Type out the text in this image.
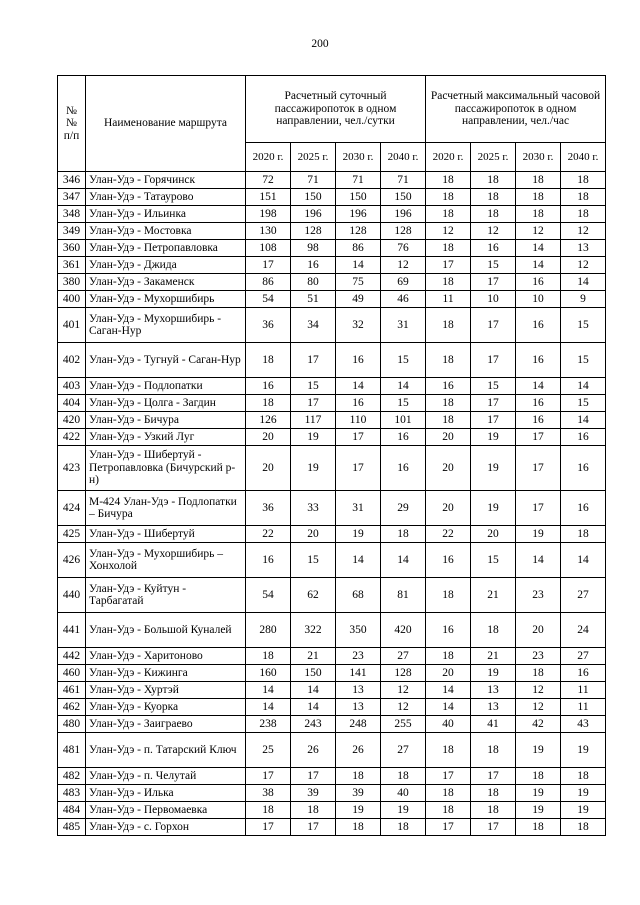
200
№
№
п/п	Наименование маршрута	Расчетный суточный пассажиропоток в одном направлении, чел./сутки				Расчетный максимальный часовой пассажиропоток в одном направлении, чел./час			
		2020 г.	2025 г.	2030 г.	2040 г.	2020 г.	2025 г.	2030 г.	2040 г.
346	Улан-Удэ - Горячинск	72	71	71	71	18	18	18	18
347	Улан-Удэ - Татаурово	151	150	150	150	18	18	18	18
348	Улан-Удэ - Ильинка	198	196	196	196	18	18	18	18
349	Улан-Удэ - Мостовка	130	128	128	128	12	12	12	12
360	Улан-Удэ - Петропавловка	108	98	86	76	18	16	14	13
361	Улан-Удэ - Джида	17	16	14	12	17	15	14	12
380	Улан-Удэ - Закаменск	86	80	75	69	18	17	16	14
400	Улан-Удэ - Мухоршибирь	54	51	49	46	11	10	10	9
401	Улан-Удэ - Мухоршибирь - Саган-Нур	36	34	32	31	18	17	16	15
402	Улан-Удэ - Тугнуй - Саган-Нур	18	17	16	15	18	17	16	15
403	Улан-Удэ - Подлопатки	16	15	14	14	16	15	14	14
404	Улан-Удэ - Цолга - Загдин	18	17	16	15	18	17	16	15
420	Улан-Удэ - Бичура	126	117	110	101	18	17	16	14
422	Улан-Удэ - Узкий Луг	20	19	17	16	20	19	17	16
423	Улан-Удэ - Шибертуй - Петропавловка (Бичурский р-н)	20	19	17	16	20	19	17	16
424	М-424 Улан-Удэ - Подлопатки – Бичура	36	33	31	29	20	19	17	16
425	Улан-Удэ - Шибертуй	22	20	19	18	22	20	19	18
426	Улан-Удэ - Мухоршибирь – Хонхолой	16	15	14	14	16	15	14	14
440	Улан-Удэ - Куйтун - Тарбагатай	54	62	68	81	18	21	23	27
441	Улан-Удэ - Большой Куналей	280	322	350	420	16	18	20	24
442	Улан-Удэ - Харитоново	18	21	23	27	18	21	23	27
460	Улан-Удэ - Кижинга	160	150	141	128	20	19	18	16
461	Улан-Удэ - Хуртэй	14	14	13	12	14	13	12	11
462	Улан-Удэ - Куорка	14	14	13	12	14	13	12	11
480	Улан-Удэ - Заиграево	238	243	248	255	40	41	42	43
481	Улан-Удэ - п. Татарский Ключ	25	26	26	27	18	18	19	19
482	Улан-Удэ - п. Челутай	17	17	18	18	17	17	18	18
483	Улан-Удэ - Илька	38	39	39	40	18	18	19	19
484	Улан-Удэ - Первомаевка	18	18	19	19	18	18	19	19
485	Улан-Удэ - с. Горхон	17	17	18	18	17	17	18	18
